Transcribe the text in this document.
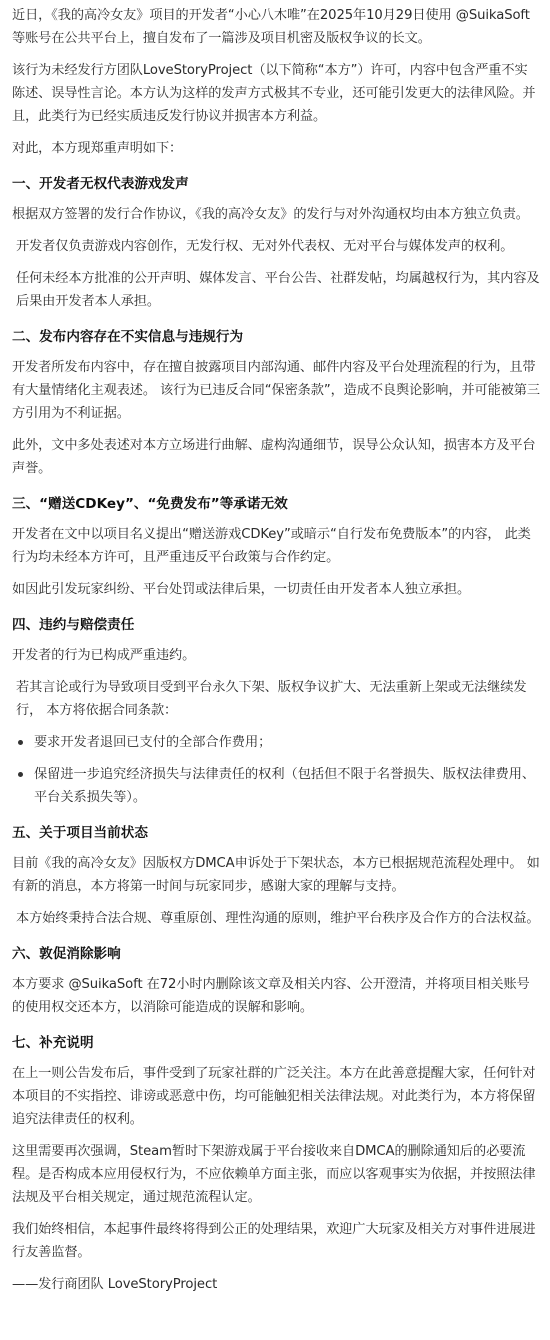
近日，《我的高冷女友》项目的开发者“小心八木唯”在2025年10月29日使用 @SuikaSoft 等账号在公共平台上，擅自发布了一篇涉及项目机密及版权争议的长文。

该行为未经发行方团队LoveStoryProject（以下简称“本方”）许可，内容中包含严重不实陈述、误导性言论。本方认为这样的发声方式极其不专业，还可能引发更大的法律风险。并且，此类行为已经实质违反发行协议并损害本方利益。

对此，本方现郑重声明如下：

一、开发者无权代表游戏发声

根据双方签署的发行合作协议，《我的高冷女友》的发行与对外沟通权均由本方独立负责。

开发者仅负责游戏内容创作，无发行权、无对外代表权、无对平台与媒体发声的权利。

任何未经本方批准的公开声明、媒体发言、平台公告、社群发帖，均属越权行为，其内容及后果由开发者本人承担。

二、发布内容存在不实信息与违规行为

开发者所发布内容中，存在擅自披露项目内部沟通、邮件内容及平台处理流程的行为，且带有大量情绪化主观表述。 该行为已违反合同“保密条款”，造成不良舆论影响，并可能被第三方引用为不利证据。

此外，文中多处表述对本方立场进行曲解、虚构沟通细节，误导公众认知，损害本方及平台声誉。

三、“赠送CDKey”、“免费发布”等承诺无效

开发者在文中以项目名义提出“赠送游戏CDKey”或暗示“自行发布免费版本”的内容， 此类行为均未经本方许可，且严重违反平台政策与合作约定。

如因此引发玩家纠纷、平台处罚或法律后果，一切责任由开发者本人独立承担。

四、违约与赔偿责任

开发者的行为已构成严重违约。

若其言论或行为导致项目受到平台永久下架、版权争议扩大、无法重新上架或无法继续发行， 本方将依据合同条款：

要求开发者退回已支付的全部合作费用；
保留进一步追究经济损失与法律责任的权利（包括但不限于名誉损失、版权法律费用、平台关系损失等）。
五、关于项目当前状态

目前《我的高冷女友》因版权方DMCA申诉处于下架状态，本方已根据规范流程处理中。 如有新的消息，本方将第一时间与玩家同步，感谢大家的理解与支持。

本方始终秉持合法合规、尊重原创、理性沟通的原则，维护平台秩序及合作方的合法权益。

六、敦促消除影响

本方要求 @SuikaSoft 在72小时内删除该文章及相关内容、公开澄清，并将项目相关账号的使用权交还本方，以消除可能造成的误解和影响。

七、补充说明

在上一则公告发布后，事件受到了玩家社群的广泛关注。本方在此善意提醒大家，任何针对本项目的不实指控、诽谤或恶意中伤，均可能触犯相关法律法规。对此类行为，本方将保留追究法律责任的权利。

这里需要再次强调，Steam暂时下架游戏属于平台接收来自DMCA的删除通知后的必要流程。是否构成本应用侵权行为，不应依赖单方面主张，而应以客观事实为依据，并按照法律法规及平台相关规定，通过规范流程认定。

我们始终相信，本起事件最终将得到公正的处理结果，欢迎广大玩家及相关方对事件进展进行友善监督。

——发行商团队 LoveStoryProject
